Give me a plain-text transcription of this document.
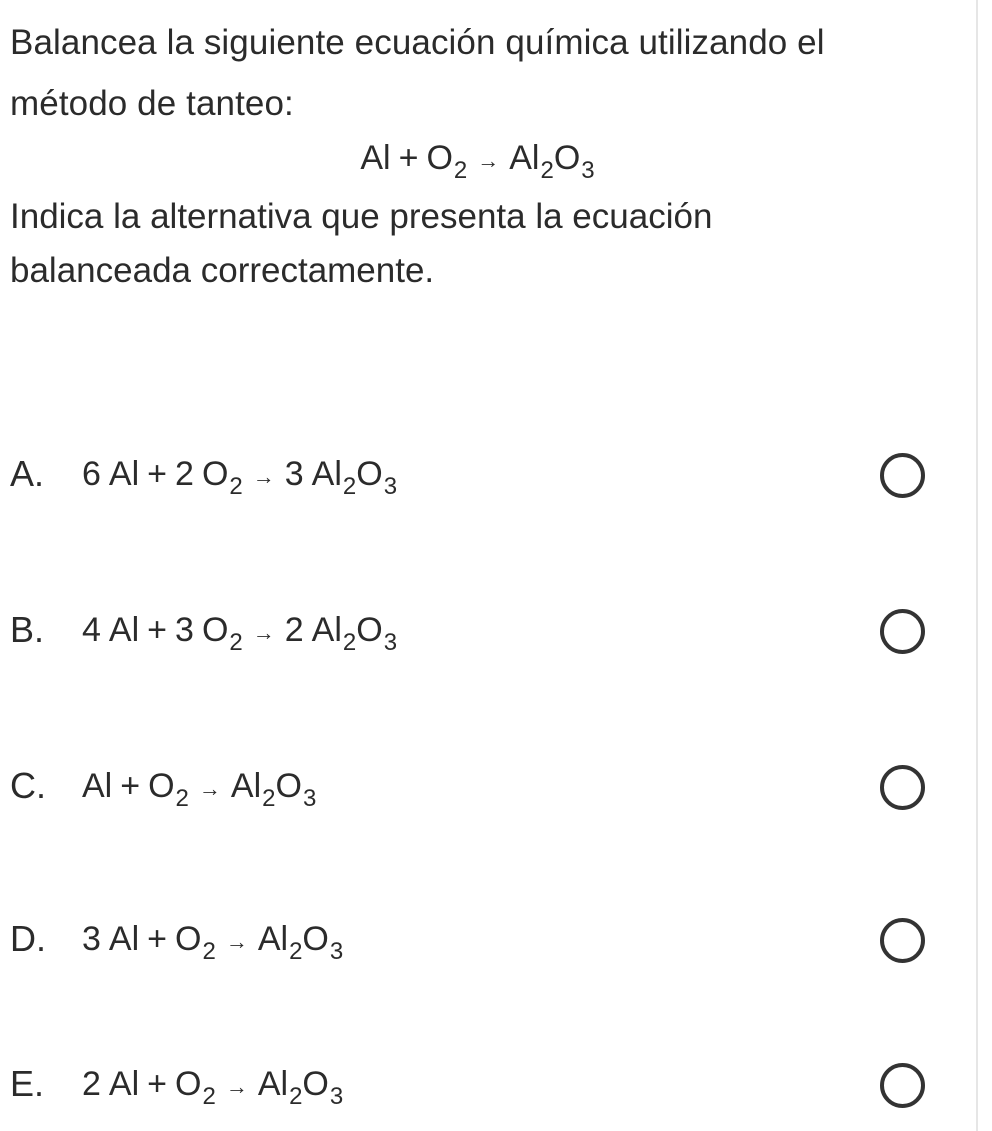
Balancea la siguiente ecuación química utilizando el
método de tanteo:
$Al + O_2 \to Al_2O_3$
Indica la alternativa que presenta la ecuación
balanceada correctamente.
A. 6 Al + 2 $O_2 \to 3$ $Al_2O_3$
B. 4 Al + 3 $O_2 \to 2$ $Al_2O_3$
C. $Al + O_2 \to Al_2O_3$
D. 3 $Al + O_2 \to Al_2O_3$
E. 2 $Al + O_2 \to Al_2O_3$
